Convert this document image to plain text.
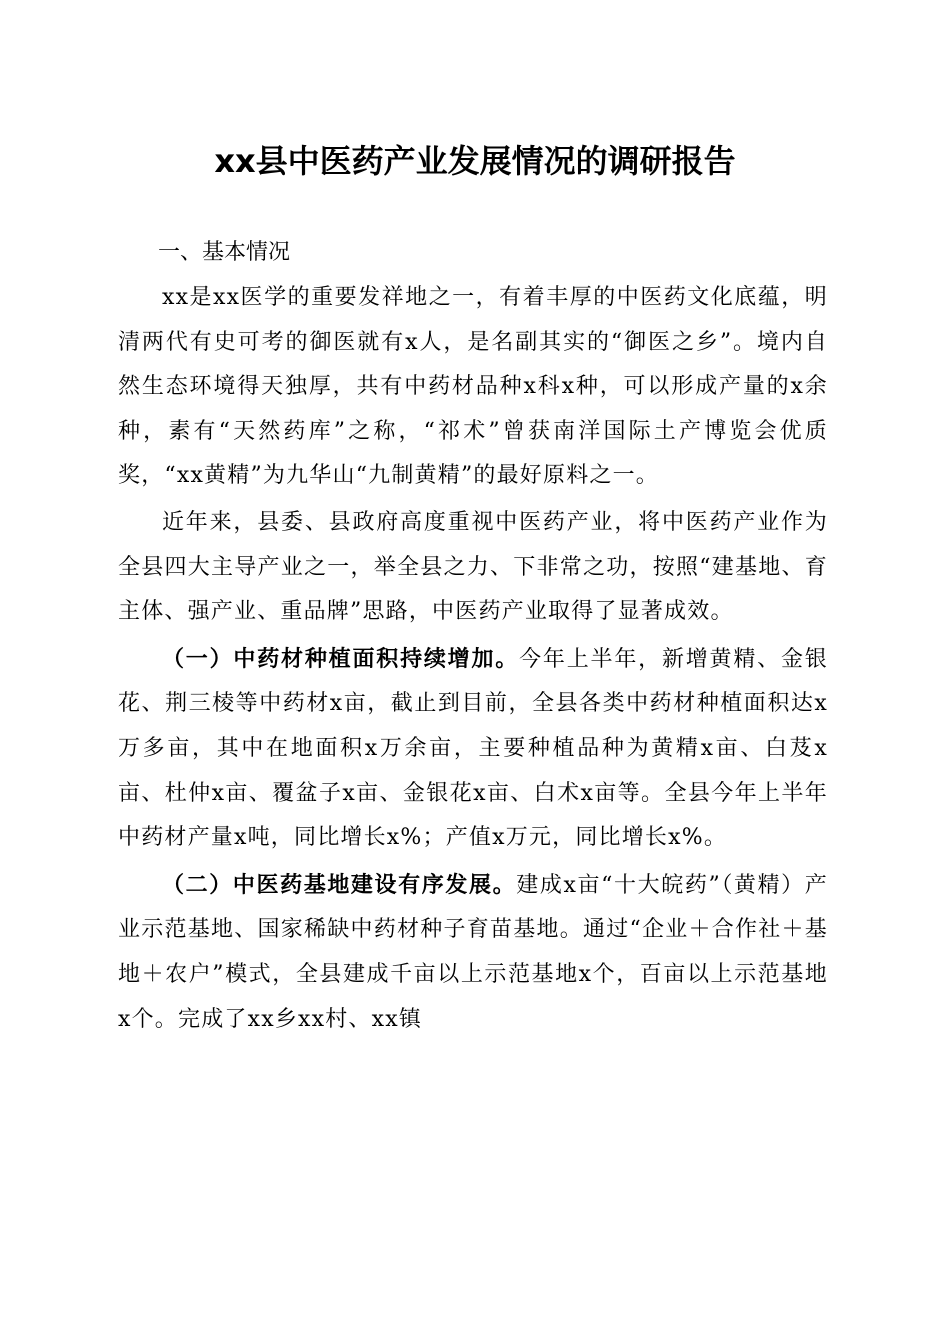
xx县中医药产业发展情况的调研报告
一、基本情况

xx是xx医学的重要发祥地之一，有着丰厚的中医药文化底蕴，明清两代有史可考的御医就有x人，是名副其实的“御医之乡”。境内自然生态环境得天独厚，共有中药材品种x科x种，可以形成产量的x余种，素有“天然药库”之称，“祁术”曾获南洋国际土产博览会优质奖，“xx黄精”为九华山“九制黄精”的最好原料之一。

近年来，县委、县政府高度重视中医药产业，将中医药产业作为全县四大主导产业之一，举全县之力、下非常之功，按照“建基地、育主体、强产业、重品牌”思路，中医药产业取得了显著成效。

（一）中药材种植面积持续增加。今年上半年，新增黄精、金银花、荆三棱等中药材x亩，截止到目前，全县各类中药材种植面积达x万多亩，其中在地面积x万余亩，主要种植品种为黄精x亩、白芨x亩、杜仲x亩、覆盆子x亩、金银花x亩、白术x亩等。全县今年上半年中药材产量x吨，同比增长x%；产值x万元，同比增长x%。

（二）中医药基地建设有序发展。建成x亩“十大皖药”（黄精）产业示范基地、国家稀缺中药材种子育苗基地。通过“企业＋合作社＋基地＋农户”模式，全县建成千亩以上示范基地x个，百亩以上示范基地x个。完成了xx乡xx村、xx镇
